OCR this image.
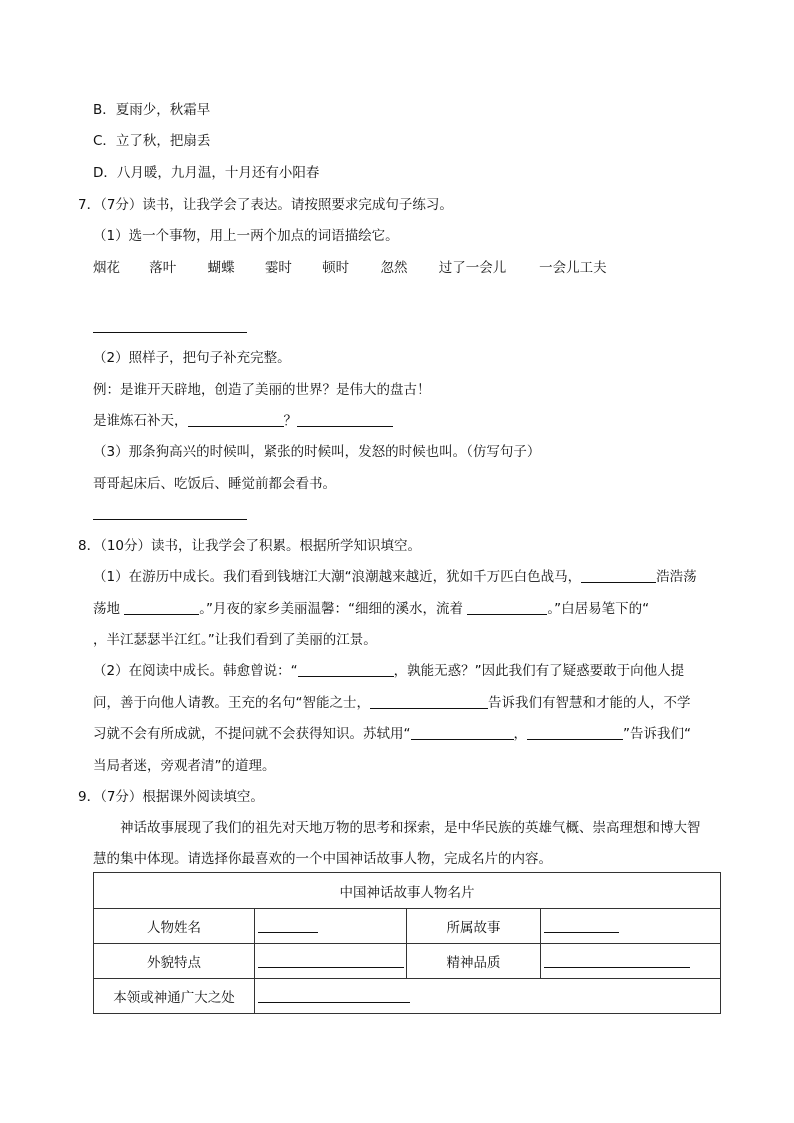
B．夏雨少，秋霜早
C．立了秋，把扇丢
D．八月暖，九月温，十月还有小阳春
7．（7分）读书，让我学会了表达。请按照要求完成句子练习。
（1）选一个事物，用上一两个加点的词语描绘它。
烟花 落叶 蝴蝶 霎时 顿时 忽然 过了一会儿 一会儿工夫
（2）照样子，把句子补充完整。
例：是谁开天辟地，创造了美丽的世界？是伟大的盘古！
是谁炼石补天，	？
（3）那条狗高兴的时候叫，紧张的时候叫，发怒的时候也叫。（仿写句子）
哥哥起床后、吃饭后、睡觉前都会看书。
8．（10分）读书，让我学会了积累。根据所学知识填空。
（1）在游历中成长。我们看到钱塘江大潮“浪潮越来越近，犹如千万匹白色战马，	浩浩荡
荡地	。”月夜的家乡美丽温馨：“细细的溪水，流着	。”白居易笔下的“
，半江瑟瑟半江红。”让我们看到了美丽的江景。
（2）在阅读中成长。韩愈曾说：“	，孰能无惑？”因此我们有了疑惑要敢于向他人提
问，善于向他人请教。王充的名句“智能之士，	告诉我们有智慧和才能的人，不学
习就不会有所成就，不提问就不会获得知识。苏轼用“	，	”告诉我们“
当局者迷，旁观者清”的道理。
9．（7分）根据课外阅读填空。
神话故事展现了我们的祖先对天地万物的思考和探索，是中华民族的英雄气概、崇高理想和博大智
慧的集中体现。请选择你最喜欢的一个中国神话故事人物，完成名片的内容。
中国神话故事人物名片			
人物姓名		所属故事	
外貌特点		精神品质	
本领或神通广大之处			
